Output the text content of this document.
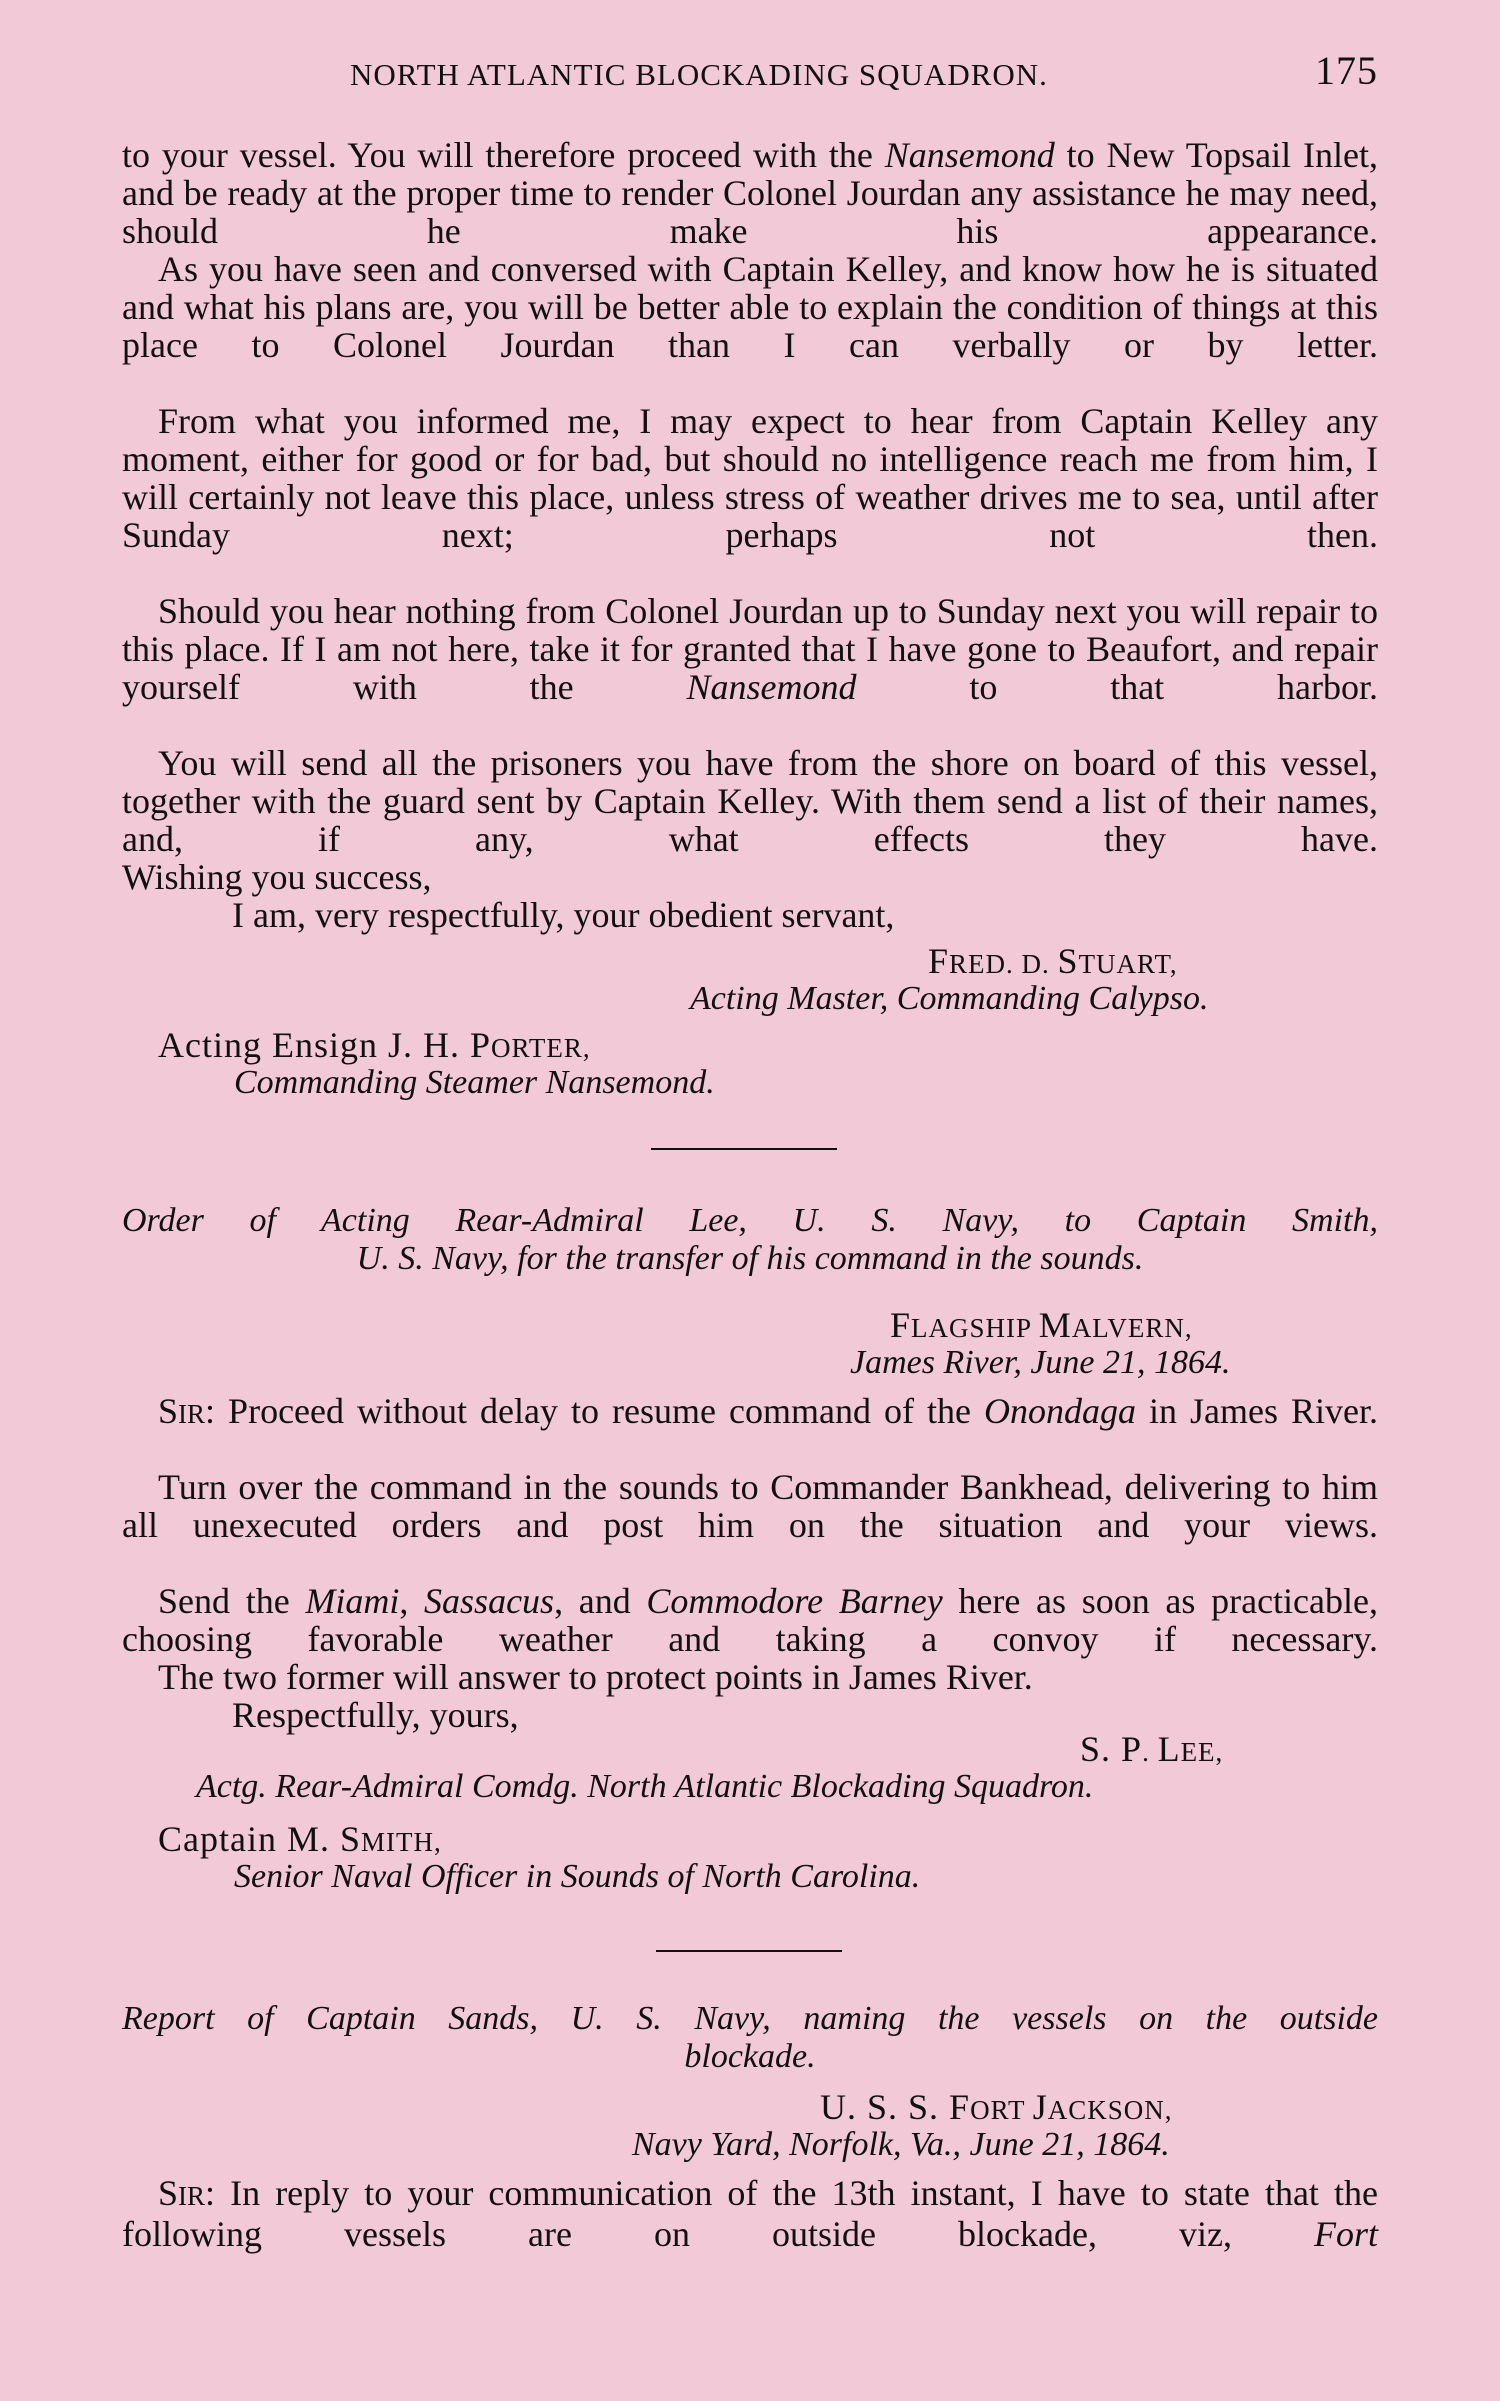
NORTH ATLANTIC BLOCKADING SQUADRON.	175
to your vessel. You will therefore proceed with the Nansemond to New Topsail Inlet, and be ready at the proper time to render Colonel Jourdan any assistance he may need, should he make his appearance.
As you have seen and conversed with Captain Kelley, and know how he is situated and what his plans are, you will be better able to explain the condition of things at this place to Colonel Jourdan than I can verbally or by letter.
From what you informed me, I may expect to hear from Captain Kelley any moment, either for good or for bad, but should no intelligence reach me from him, I will certainly not leave this place, unless stress of weather drives me to sea, until after Sunday next; perhaps not then.
Should you hear nothing from Colonel Jourdan up to Sunday next you will repair to this place. If I am not here, take it for granted that I have gone to Beaufort, and repair yourself with the Nansemond to that harbor.
You will send all the prisoners you have from the shore on board of this vessel, together with the guard sent by Captain Kelley. With them send a list of their names, and, if any, what effects they have.
Wishing you success,
I am, very respectfully, your obedient servant,
FRED. D. STUART,
Acting Master, Commanding Calypso.
Acting Ensign J. H. PORTER,
Commanding Steamer Nansemond.
Order of Acting Rear-Admiral Lee, U. S. Navy, to Captain Smith,
U. S. Navy, for the transfer of his command in the sounds.
FLAGSHIP MALVERN,
James River, June 21, 1864.
SIR: Proceed without delay to resume command of the Onondaga in James River.
Turn over the command in the sounds to Commander Bankhead, delivering to him all unexecuted orders and post him on the situation and your views.
Send the Miami, Sassacus, and Commodore Barney here as soon as practicable, choosing favorable weather and taking a convoy if necessary.
The two former will answer to protect points in James River.
Respectfully, yours,
S. P. LEE,
Actg. Rear-Admiral Comdg. North Atlantic Blockading Squadron.
Captain M. SMITH,
Senior Naval Officer in Sounds of North Carolina.
Report of Captain Sands, U. S. Navy, naming the vessels on the outside
blockade.
U. S. S. FORT JACKSON,
Navy Yard, Norfolk, Va., June 21, 1864.
SIR: In reply to your communication of the 13th instant, I have to state that the following vessels are on outside blockade, viz, Fort
